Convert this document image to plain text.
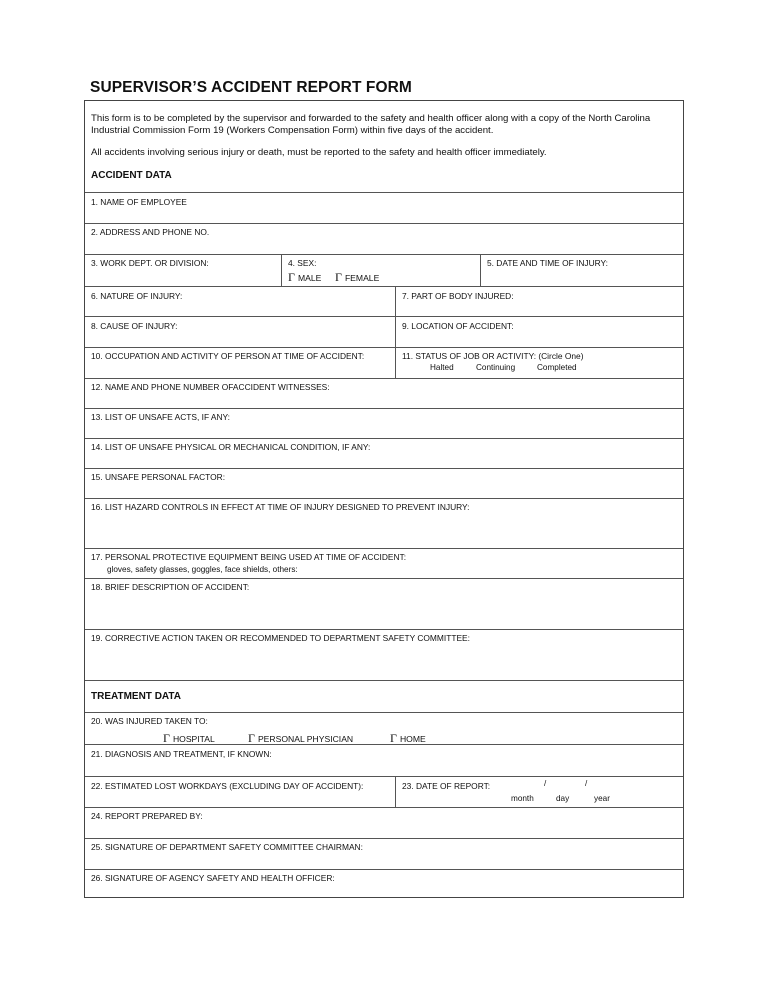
SUPERVISOR’S ACCIDENT REPORT FORM
This form is to be completed by the supervisor and forwarded to the safety and health officer along with a copy of the North Carolina
Industrial Commission Form 19 (Workers Compensation Form) within five days of the accident.
All accidents involving serious injury or death, must be reported to the safety and health officer immediately.
ACCIDENT DATA
1. NAME OF EMPLOYEE
2. ADDRESS AND PHONE NO.
3. WORK DEPT. OR DIVISION:	4. SEX:
Γ MALE Γ FEMALE
5. DATE AND TIME OF INJURY:
6. NATURE OF INJURY:	7. PART OF BODY INJURED:
8. CAUSE OF INJURY:	9. LOCATION OF ACCIDENT:
10. OCCUPATION AND ACTIVITY OF PERSON AT TIME OF ACCIDENT:	11. STATUS OF JOB OR ACTIVITY: (Circle One)
Halted	Continuing	Completed
12. NAME AND PHONE NUMBER OFACCIDENT WITNESSES:
13. LIST OF UNSAFE ACTS, IF ANY:
14. LIST OF UNSAFE PHYSICAL OR MECHANICAL CONDITION, IF ANY:
15. UNSAFE PERSONAL FACTOR:
16. LIST HAZARD CONTROLS IN EFFECT AT TIME OF INJURY DESIGNED TO PREVENT INJURY:
17. PERSONAL PROTECTIVE EQUIPMENT BEING USED AT TIME OF ACCIDENT:
gloves, safety glasses, goggles, face shields, others:
18. BRIEF DESCRIPTION OF ACCIDENT:
19. CORRECTIVE ACTION TAKEN OR RECOMMENDED TO DEPARTMENT SAFETY COMMITTEE:
TREATMENT DATA
20. WAS INJURED TAKEN TO:
Γ HOSPITAL	Γ PERSONAL PHYSICIAN	Γ HOME
21. DIAGNOSIS AND TREATMENT, IF KNOWN:
22. ESTIMATED LOST WORKDAYS (EXCLUDING DAY OF ACCIDENT):	23. DATE OF REPORT:	/	/
month	day	year
24. REPORT PREPARED BY:
25. SIGNATURE OF DEPARTMENT SAFETY COMMITTEE CHAIRMAN:
26. SIGNATURE OF AGENCY SAFETY AND HEALTH OFFICER:
